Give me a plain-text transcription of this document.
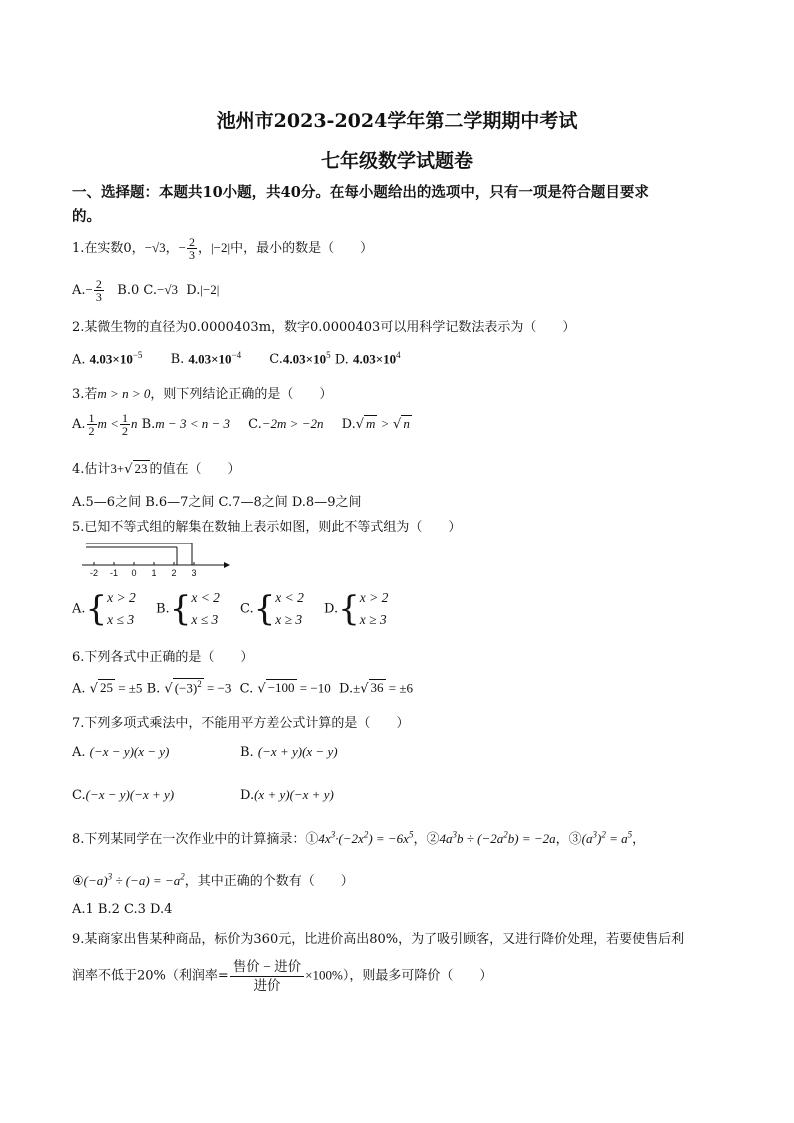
池州市2023-2024学年第二学期期中考试
七年级数学试题卷
一、选择题：本题共10小题，共40分。在每小题给出的选项中，只有一项是符合题目要求
的。
1.在实数0，−√3，− $\frac{2}{3}$ ，|−2|中，最小的数是（　　）
$A.- \frac{2}{3} B.0$ C.−√3 D.|−2|
2.某微生物的直径为0.0000403m，数字0.0000403可以用科学记数法表示为（　　）
A. $4.03\times 10^{-5}$ B. $4.03\times 10^{-4}$ $C.4.03\times 10^5$ D. $4.03\times 10^4$
3.若m > n > 0，则下列结论正确的是（　　）
A. $\frac{1}{2}$ $m < \frac{1}{2}$ n B.m − 3 < n − 3 C.−2m > −2n D.√ m > √ n
4.估计3+√ 23 的值在（　　）
A.5—6之间 B.6—7之间 C.7—8之间 D.8—9之间
5.已知不等式组的解集在数轴上表示如图，则此不等式组为（　　）
-2 -1 0 1 2 3
A.{ x > 2
x ≤ 3
B.{ x < 2
x ≤ 3
C.{ x < 2
x ≥ 3
D.{ x > 2
x ≥ 3
6.下列各式中正确的是（　　）
A. √ 25 = ±5 B. √ $(-3)^2 = -3$ C. √ −100 = −10 D.±√ 36 = ±6
7.下列多项式乘法中，不能用平方差公式计算的是（　　）
A. (−x − y)(x − y)	B. (−x + y)(x − y)
C.(−x − y)(−x + y)	D.(x + y)(−x + y)
8.下列某同学在一次作业中的计算摘录：$①4x^3\cdot(-2x^2) = -6x^5$，$②4a^3b \div (-2a^2b) = -2a$，$③(a^3)^2 = a^5$，
$④(-a)^3 \div (-a) = -a^2$，其中正确的个数有（　　）
A.1 B.2 C.3 D.4
9.某商家出售某种商品，标价为360元，比进价高出80%，为了吸引顾客，又进行降价处理，若要使售后利
润率不低于20%（利润率= $\frac{\text{售价 − 进价}}{\text{进价}} \times 100\%$），则最多可降价（　　）
